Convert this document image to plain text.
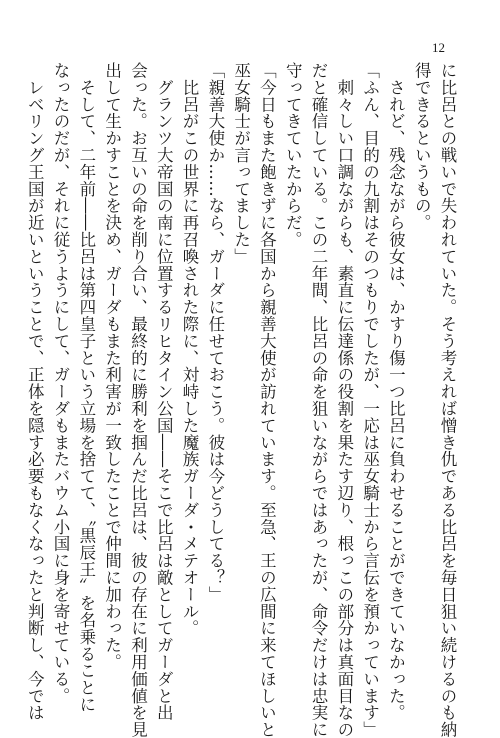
12

に比呂との戦いで失われていた。そう考えれば憎き仇である比呂を毎日狙い続けるのも納

得できるというもの。

　されど、残念ながら彼女は、かすり傷一つ比呂に負わせることができていなかった。

「ふん、目的の九割はそのつもりでしたが、一応は巫女騎士から言伝を預かっています」

　刺々しい口調ながらも、素直に伝達係の役割を果たす辺り、根っこの部分は真面目なの

だと確信している。この二年間、比呂の命を狙いながらではあったが、命令だけは忠実に

守ってきていたからだ。

「今日もまた飽きずに各国から親善大使が訪れています。至急、王の広間に来てほしいと

巫女騎士が言ってました」

「親善大使か……なら、ガーダに任せておこう。彼は今どうしてる？」

　比呂がこの世界に再召喚された際に、対峙した魔族ガーダ・メテオール。

　グランツ大帝国の南に位置するリヒタイン公国――そこで比呂は敵としてガーダと出

会った。お互いの命を削り合い、最終的に勝利を掴んだ比呂は、彼の存在に利用価値を見

出して生かすことを決め、ガーダもまた利害が一致したことで仲間に加わった。

　そして、二年前――比呂は第四皇子という立場を捨てて、〝黒辰王〟を名乗ることに

なったのだが、それに従うようにして、ガーダもまたバウム小国に身を寄せている。

　レベリング王国が近いということで、正体を隠す必要もなくなったと判断し、今では
